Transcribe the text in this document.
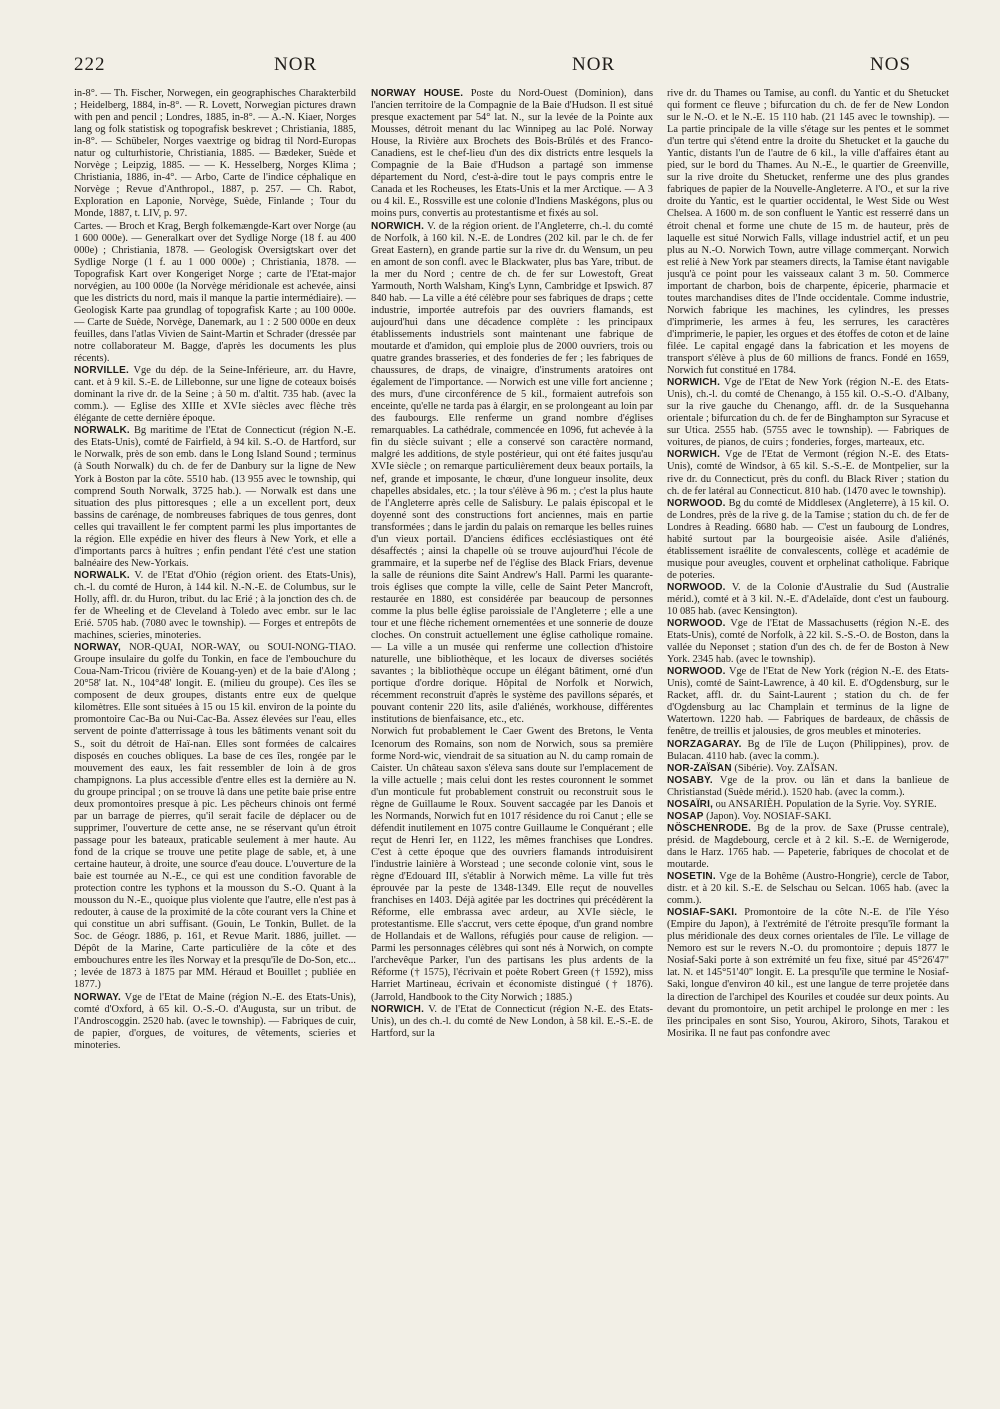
222	NOR	NOR	NOS

in-8°. — Th. Fischer, Norwegen, ein geographisches Charakterbild ; Heidelberg, 1884, in-8°. — R. Lovett, Norwegian pictures drawn with pen and pencil ; Londres, 1885, in-8°. — A.-N. Kiaer, Norges lang og folk statistisk og topografisk beskrevet ; Christiania, 1885, in-8°. — Schübeler, Norges vaextrige og bidrag til Nord-Europas natur og culturhistorie, Christiania, 1885. — Bædeker, Suède et Norvège ; Leipzig, 1885. — — K. Hesselberg, Norges Klima ; Christiania, 1886, in-4°. — Arbo, Carte de l'indice céphalique en Norvège ; Revue d'Anthropol., 1887, p. 257. — Ch. Rabot, Exploration en Laponie, Norvège, Suède, Finlande ; Tour du Monde, 1887, t. LIV, p. 97.

Cartes. — Broch et Krag, Bergh folkemængde-Kart over Norge (au 1 600 000e). — Generalkart over det Sydlige Norge (18 f. au 400 000e) ; Christiania, 1878. — Geologisk Oversigtskart over det Sydlige Norge (1 f. au 1 000 000e) ; Christiania, 1878. — Topografisk Kart over Kongeriget Norge ; carte de l'Etat-major norvégien, au 100 000e (la Norvège méridionale est achevée, ainsi que les districts du nord, mais il manque la partie intermédiaire). — Geologisk Karte paa grundlag of topografisk Karte ; au 100 000e. — Carte de Suède, Norvège, Danemark, au 1 : 2 500 000e en deux feuilles, dans l'atlas Vivien de Saint-Martin et Schrader (dressée par notre collaborateur M. Bagge, d'après les documents les plus récents).

NORVILLE. Vge du dép. de la Seine-Inférieure, arr. du Havre, cant. et à 9 kil. S.-E. de Lillebonne, sur une ligne de coteaux boisés dominant la rive dr. de la Seine ; à 50 m. d'altit. 735 hab. (avec la comm.). — Eglise des XIIIe et XVIe siècles avec flèche très élégante de cette dernière époque.

NORWALK. Bg maritime de l'Etat de Connecticut (région N.-E. des Etats-Unis), comté de Fairfield, à 94 kil. S.-O. de Hartford, sur le Norwalk, près de son emb. dans le Long Island Sound ; terminus (à South Norwalk) du ch. de fer de Danbury sur la ligne de New York à Boston par la côte. 5510 hab. (13 955 avec le township, qui comprend South Norwalk, 3725 hab.). — Norwalk est dans une situation des plus pittoresques ; elle a un excellent port, deux bassins de carénage, de nombreuses fabriques de tous genres, dont celles qui travaillent le fer comptent parmi les plus importantes de la région. Elle expédie en hiver des fleurs à New York, et elle a d'importants parcs à huîtres ; enfin pendant l'été c'est une station balnéaire des New-Yorkais.

NORWALK. V. de l'Etat d'Ohio (région orient. des Etats-Unis), ch.-l. du comté de Huron, à 144 kil. N.-N.-E. de Columbus, sur le Holly, affl. dr. du Huron, tribut. du lac Erié ; à la jonction des ch. de fer de Wheeling et de Cleveland à Toledo avec embr. sur le lac Erié. 5705 hab. (7080 avec le township). — Forges et entrepôts de machines, scieries, minoteries.

NORWAY, NOR-QUAI, NOR-WAY, ou SOUI-NONG-TIAO. Groupe insulaire du golfe du Tonkin, en face de l'embouchure du Coua-Nam-Tricou (rivière de Kouang-yen) et de la baie d'Along ; 20°58' lat. N., 104°48' longit. E. (milieu du groupe). Ces îles se composent de deux groupes, distants entre eux de quelque kilomètres. Elle sont situées à 15 ou 15 kil. environ de la pointe du promontoire Cac-Ba ou Nui-Cac-Ba. Assez élevées sur l'eau, elles servent de pointe d'atterrissage à tous les bâtiments venant soit du S., soit du détroit de Haï-nan. Elles sont formées de calcaires disposés en couches obliques. La base de ces îles, rongée par le mouvement des eaux, les fait ressembler de loin à de gros champignons. La plus accessible d'entre elles est la dernière au N. du groupe principal ; on se trouve là dans une petite baie prise entre deux promontoires presque à pic. Les pêcheurs chinois ont fermé par un barrage de pierres, qu'il serait facile de déplacer ou de supprimer, l'ouverture de cette anse, ne se réservant qu'un étroit passage pour les bateaux, praticable seulement à mer haute. Au fond de la crique se trouve une petite plage de sable, et, à une certaine hauteur, à droite, une source d'eau douce. L'ouverture de la baie est tournée au N.-E., ce qui est une condition favorable de protection contre les typhons et la mousson du S.-O. Quant à la mousson du N.-E., quoique plus violente que l'autre, elle n'est pas à redouter, à cause de la proximité de la côte courant vers la Chine et qui constitue un abri suffisant. (Gouin, Le Tonkin, Bullet. de la Soc. de Géogr. 1886, p. 161, et Revue Marit. 1886, juillet. — Dépôt de la Marine, Carte particulière de la côte et des embouchures entre les îles Norway et la presqu'île de Do-Son, etc... ; levée de 1873 à 1875 par MM. Héraud et Bouillet ; publiée en 1877.)

NORWAY. Vge de l'Etat de Maine (région N.-E. des Etats-Unis), comté d'Oxford, à 65 kil. O.-S.-O. d'Augusta, sur un tribut. de l'Androscoggin. 2520 hab. (avec le township). — Fabriques de cuir, de papier, d'orgues, de voitures, de vêtements, scieries et minoteries.

NORWAY HOUSE. Poste du Nord-Ouest (Dominion), dans l'ancien territoire de la Compagnie de la Baie d'Hudson. Il est situé presque exactement par 54° lat. N., sur la levée de la Pointe aux Mousses, détroit menant du lac Winnipeg au lac Polé. Norway House, la Rivière aux Brochets des Bois-Brûlés et des Franco-Canadiens, est le chef-lieu d'un des dix districts entre lesquels la Compagnie de la Baie d'Hudson a partagé son immense département du Nord, c'est-à-dire tout le pays compris entre le Canada et les Rocheuses, les Etats-Unis et la mer Arctique. — A 3 ou 4 kil. E., Rossville est une colonie d'Indiens Maskégons, plus ou moins purs, convertis au protestantisme et fixés au sol.

NORWICH. V. de la région orient. de l'Angleterre, ch.-l. du comté de Norfolk, à 160 kil. N.-E. de Londres (202 kil. par le ch. de fer Great Eastern), en grande partie sur la rive dr. du Wensum, un peu en amont de son confl. avec le Blackwater, plus bas Yare, tribut. de la mer du Nord ; centre de ch. de fer sur Lowestoft, Great Yarmouth, North Walsham, King's Lynn, Cambridge et Ipswich. 87 840 hab. — La ville a été célèbre pour ses fabriques de draps ; cette industrie, importée autrefois par des ouvriers flamands, est aujourd'hui dans une décadence complète : les principaux établissements industriels sont maintenant une fabrique de moutarde et d'amidon, qui emploie plus de 2000 ouvriers, trois ou quatre grandes brasseries, et des fonderies de fer ; les fabriques de chaussures, de draps, de vinaigre, d'instruments aratoires ont également de l'importance. — Norwich est une ville fort ancienne ; des murs, d'une circonférence de 5 kil., formaient autrefois son enceinte, qu'elle ne tarda pas à élargir, en se prolongeant au loin par des faubourgs. Elle renferme un grand nombre d'églises remarquables. La cathédrale, commencée en 1096, fut achevée à la fin du siècle suivant ; elle a conservé son caractère normand, malgré les additions, de style postérieur, qui ont été faites jusqu'au XVIe siècle ; on remarque particulièrement deux beaux portails, la nef, grande et imposante, le chœur, d'une longueur insolite, deux chapelles absidales, etc. ; la tour s'élève à 96 m. ; c'est la plus haute de l'Angleterre après celle de Salisbury. Le palais épiscopal et le doyenné sont des constructions fort anciennes, mais en partie transformées ; dans le jardin du palais on remarque les belles ruines d'un vieux portail. D'anciens édifices ecclésiastiques ont été désaffectés ; ainsi la chapelle où se trouve aujourd'hui l'école de grammaire, et la superbe nef de l'église des Black Friars, devenue la salle de réunions dite Saint Andrew's Hall. Parmi les quarante-trois églises que compte la ville, celle de Saint Peter Mancroft, restaurée en 1880, est considérée par beaucoup de personnes comme la plus belle église paroissiale de l'Angleterre ; elle a une tour et une flèche richement ornementées et une sonnerie de douze cloches. On construit actuellement une église catholique romaine. — La ville a un musée qui renferme une collection d'histoire naturelle, une bibliothèque, et les locaux de diverses sociétés savantes ; la bibliothèque occupe un élégant bâtiment, orné d'un portique d'ordre dorique. Hôpital de Norfolk et Norwich, récemment reconstruit d'après le système des pavillons séparés, et pouvant contenir 220 lits, asile d'aliénés, workhouse, différentes institutions de bienfaisance, etc., etc.

Norwich fut probablement le Caer Gwent des Bretons, le Venta Icenorum des Romains, son nom de Norwich, sous sa première forme Nord-wic, viendrait de sa situation au N. du camp romain de Caister. Un château saxon s'éleva sans doute sur l'emplacement de la ville actuelle ; mais celui dont les restes couronnent le sommet d'un monticule fut probablement construit ou reconstruit sous le règne de Guillaume le Roux. Souvent saccagée par les Danois et les Normands, Norwich fut en 1017 résidence du roi Canut ; elle se défendit inutilement en 1075 contre Guillaume le Conquérant ; elle reçut de Henri Ier, en 1122, les mêmes franchises que Londres. C'est à cette époque que des ouvriers flamands introduisirent l'industrie lainière à Worstead ; une seconde colonie vint, sous le règne d'Edouard III, s'établir à Norwich même. La ville fut très éprouvée par la peste de 1348-1349. Elle reçut de nouvelles franchises en 1403. Déjà agitée par les doctrines qui précédèrent la Réforme, elle embrassa avec ardeur, au XVIe siècle, le protestantisme. Elle s'accrut, vers cette époque, d'un grand nombre de Hollandais et de Wallons, réfugiés pour cause de religion. — Parmi les personnages célèbres qui sont nés à Norwich, on compte l'archevêque Parker, l'un des partisans les plus ardents de la Réforme († 1575), l'écrivain et poète Robert Green († 1592), miss Harriet Martineau, écrivain et économiste distingué († 1876). (Jarrold, Handbook to the City Norwich ; 1885.)

NORWICH. V. de l'Etat de Connecticut (région N.-E. des Etats-Unis), un des ch.-l. du comté de New London, à 58 kil. E.-S.-E. de Hartford, sur la

rive dr. du Thames ou Tamise, au confl. du Yantic et du Shetucket qui forment ce fleuve ; bifurcation du ch. de fer de New London sur le N.-O. et le N.-E. 15 110 hab. (21 145 avec le township). — La partie principale de la ville s'étage sur les pentes et le sommet d'un tertre qui s'étend entre la droite du Shetucket et la gauche du Yantic, distants l'un de l'autre de 6 kil., la ville d'affaires étant au pied, sur le bord du Thames. Au N.-E., le quartier de Greenville, sur la rive droite du Shetucket, renferme une des plus grandes fabriques de papier de la Nouvelle-Angleterre. A l'O., et sur la rive droite du Yantic, est le quartier occidental, le West Side ou West Chelsea. A 1600 m. de son confluent le Yantic est resserré dans un étroit chenal et forme une chute de 15 m. de hauteur, près de laquelle est situé Norwich Falls, village industriel actif, et un peu plus au N.-O. Norwich Town, autre village commerçant. Norwich est relié à New York par steamers directs, la Tamise étant navigable jusqu'à ce point pour les vaisseaux calant 3 m. 50. Commerce important de charbon, bois de charpente, épicerie, pharmacie et toutes marchandises dites de l'Inde occidentale. Comme industrie, Norwich fabrique les machines, les cylindres, les presses d'imprimerie, les armes à feu, les serrures, les caractères d'imprimerie, le papier, les orgues et des étoffes de coton et de laine filée. Le capital engagé dans la fabrication et les moyens de transport s'élève à plus de 60 millions de francs. Fondé en 1659, Norwich fut constitué en 1784.

NORWICH. Vge de l'Etat de New York (région N.-E. des Etats-Unis), ch.-l. du comté de Chenango, à 155 kil. O.-S.-O. d'Albany, sur la rive gauche du Chenango, affl. dr. de la Susquehanna orientale ; bifurcation du ch. de fer de Binghampton sur Syracuse et sur Utica. 2555 hab. (5755 avec le township). — Fabriques de voitures, de pianos, de cuirs ; fonderies, forges, marteaux, etc.

NORWICH. Vge de l'Etat de Vermont (région N.-E. des Etats-Unis), comté de Windsor, à 65 kil. S.-S.-E. de Montpelier, sur la rive dr. du Connecticut, près du confl. du Black River ; station du ch. de fer latéral au Connecticut. 810 hab. (1470 avec le township).

NORWOOD. Bg du comté de Middlesex (Angleterre), à 15 kil. O. de Londres, près de la rive g. de la Tamise ; station du ch. de fer de Londres à Reading. 6680 hab. — C'est un faubourg de Londres, habité surtout par la bourgeoisie aisée. Asile d'aliénés, établissement israélite de convalescents, collège et académie de musique pour aveugles, couvent et orphelinat catholique. Fabrique de poteries.

NORWOOD. V. de la Colonie d'Australie du Sud (Australie mérid.), comté et à 3 kil. N.-E. d'Adelaïde, dont c'est un faubourg. 10 085 hab. (avec Kensington).

NORWOOD. Vge de l'Etat de Massachusetts (région N.-E. des Etats-Unis), comté de Norfolk, à 22 kil. S.-S.-O. de Boston, dans la vallée du Neponset ; station d'un des ch. de fer de Boston à New York. 2345 hab. (avec le township).

NORWOOD. Vge de l'Etat de New York (région N.-E. des Etats-Unis), comté de Saint-Lawrence, à 40 kil. E. d'Ogdensburg, sur le Racket, affl. dr. du Saint-Laurent ; station du ch. de fer d'Ogdensburg au lac Champlain et terminus de la ligne de Watertown. 1220 hab. — Fabriques de bardeaux, de châssis de fenêtre, de treillis et jalousies, de gros meubles et minoteries.

NORZAGARAY. Bg de l'île de Luçon (Philippines), prov. de Bulacan. 4110 hab. (avec la comm.).

NOR-ZAÏSAN (Sibérie). Voy. ZAÏSAN.

NOSABY. Vge de la prov. ou län et dans la banlieue de Christianstad (Suède mérid.). 1520 hab. (avec la comm.).

NOSAÏRI, ou ANSARIÈH. Population de la Syrie. Voy. SYRIE.

NOSAP (Japon). Voy. NOSIAF-SAKI.

NÖSCHENRODE. Bg de la prov. de Saxe (Prusse centrale), présid. de Magdebourg, cercle et à 2 kil. S.-E. de Wernigerode, dans le Harz. 1765 hab. — Papeterie, fabriques de chocolat et de moutarde.

NOSETIN. Vge de la Bohême (Austro-Hongrie), cercle de Tabor, distr. et à 20 kil. S.-E. de Selschau ou Selcan. 1065 hab. (avec la comm.).

NOSIAF-SAKI. Promontoire de la côte N.-E. de l'île Yéso (Empire du Japon), à l'extrémité de l'étroite presqu'île formant la plus méridionale des deux cornes orientales de l'île. Le village de Nemoro est sur le revers N.-O. du promontoire ; depuis 1877 le Nosiaf-Saki porte à son extrémité un feu fixe, situé par 45°26'47" lat. N. et 145°51'40" longit. E. La presqu'île que termine le Nosiaf-Saki, longue d'environ 40 kil., est une langue de terre projetée dans la direction de l'archipel des Kouriles et coudée sur deux points. Au devant du promontoire, un petit archipel le prolonge en mer : les îles principales en sont Siso, Yourou, Akiroro, Sihots, Tarakou et Mosirika. Il ne faut pas confondre avec
